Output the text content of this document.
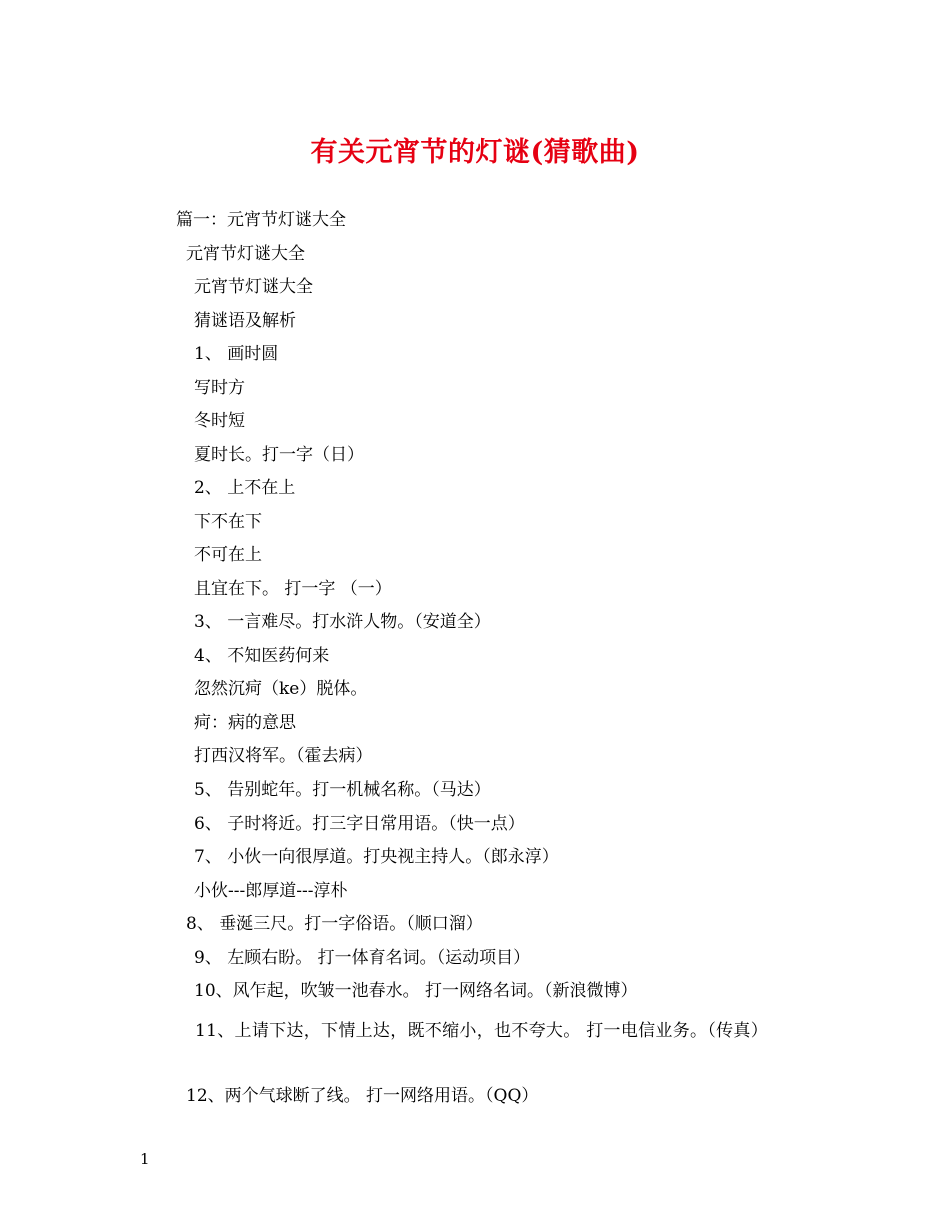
有关元宵节的灯谜(猜歌曲)
篇一：元宵节灯谜大全
元宵节灯谜大全
元宵节灯谜大全
猜谜语及解析
1、 画时圆
写时方
冬时短
夏时长。打一字（日）
2、 上不在上
下不在下
不可在上
且宜在下。 打一字 （一）
3、 一言难尽。打水浒人物。（安道全）
4、 不知医药何来
忽然沉疴（ke）脱体。
疴：病的意思
打西汉将军。（霍去病）
5、 告别蛇年。打一机械名称。（马达）
6、 子时将近。打三字日常用语。（快一点）
7、 小伙一向很厚道。打央视主持人。（郎永淳）
小伙---郎厚道---淳朴
8、 垂涎三尺。打一字俗语。（顺口溜）
9、 左顾右盼。 打一体育名词。（运动项目）
10、风乍起，吹皱一池春水。 打一网络名词。（新浪微博）
11、上请下达，下情上达，既不缩小，也不夸大。 打一电信业务。（传真）
12、两个气球断了线。 打一网络用语。（QQ）
1
